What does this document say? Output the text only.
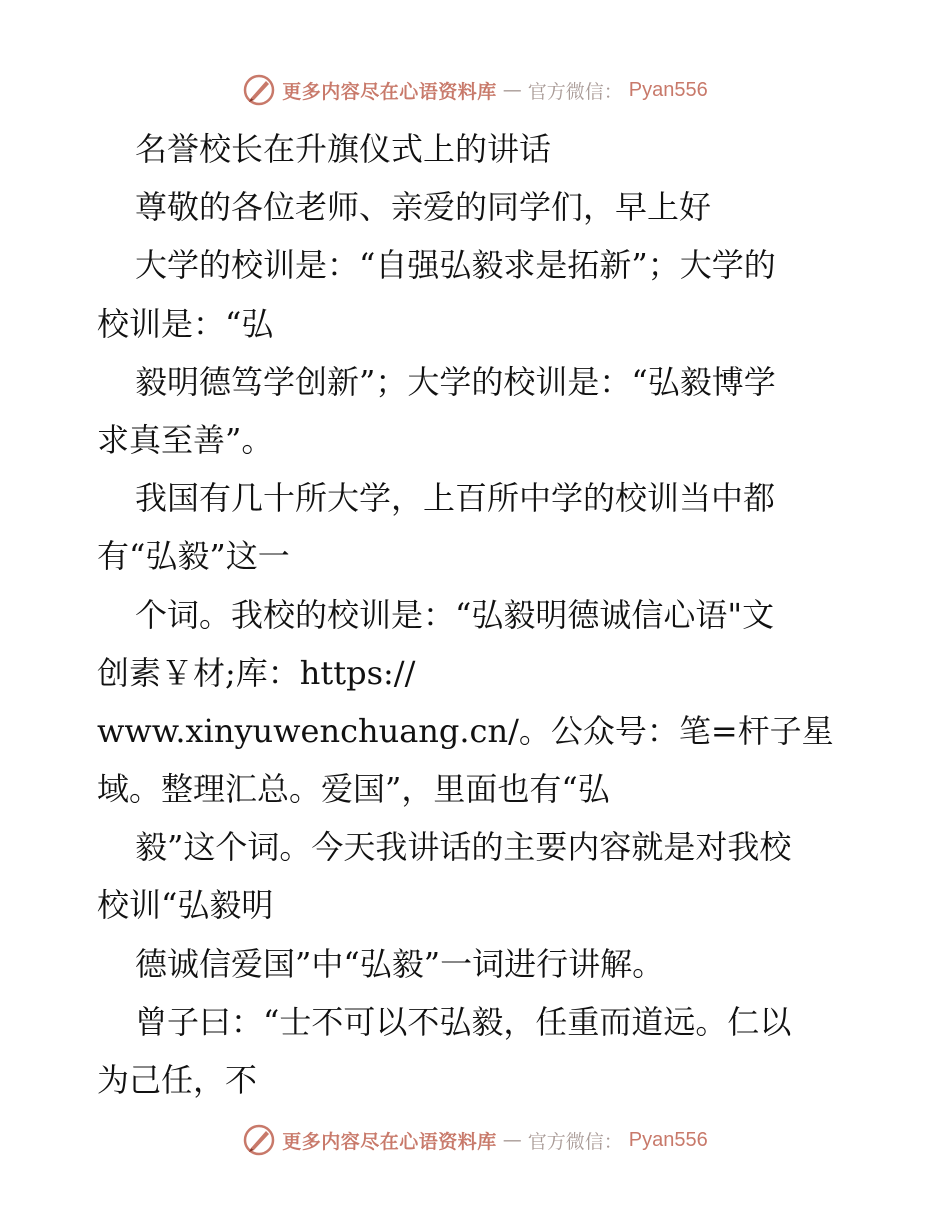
更多内容尽在心语资料库 — 官方微信： Pyan556
名誉校长在升旗仪式上的讲话
尊敬的各位老师、亲爱的同学们，早上好
大学的校训是：“自强弘毅求是拓新”；大学的
校训是：“弘
毅明德笃学创新”；大学的校训是：“弘毅博学
求真至善”。
我国有几十所大学，上百所中学的校训当中都
有“弘毅”这一
个词。我校的校训是：“弘毅明德诚信心语"文
创素￥材;库：https://
www.xinyuwenchuang.cn/。公众号：笔=杆子星
域。整理汇总。爱国”，里面也有“弘
毅”这个词。今天我讲话的主要内容就是对我校
校训“弘毅明
德诚信爱国”中“弘毅”一词进行讲解。
曾子曰：“士不可以不弘毅，任重而道远。仁以
为己任，不
更多内容尽在心语资料库 — 官方微信： Pyan556
